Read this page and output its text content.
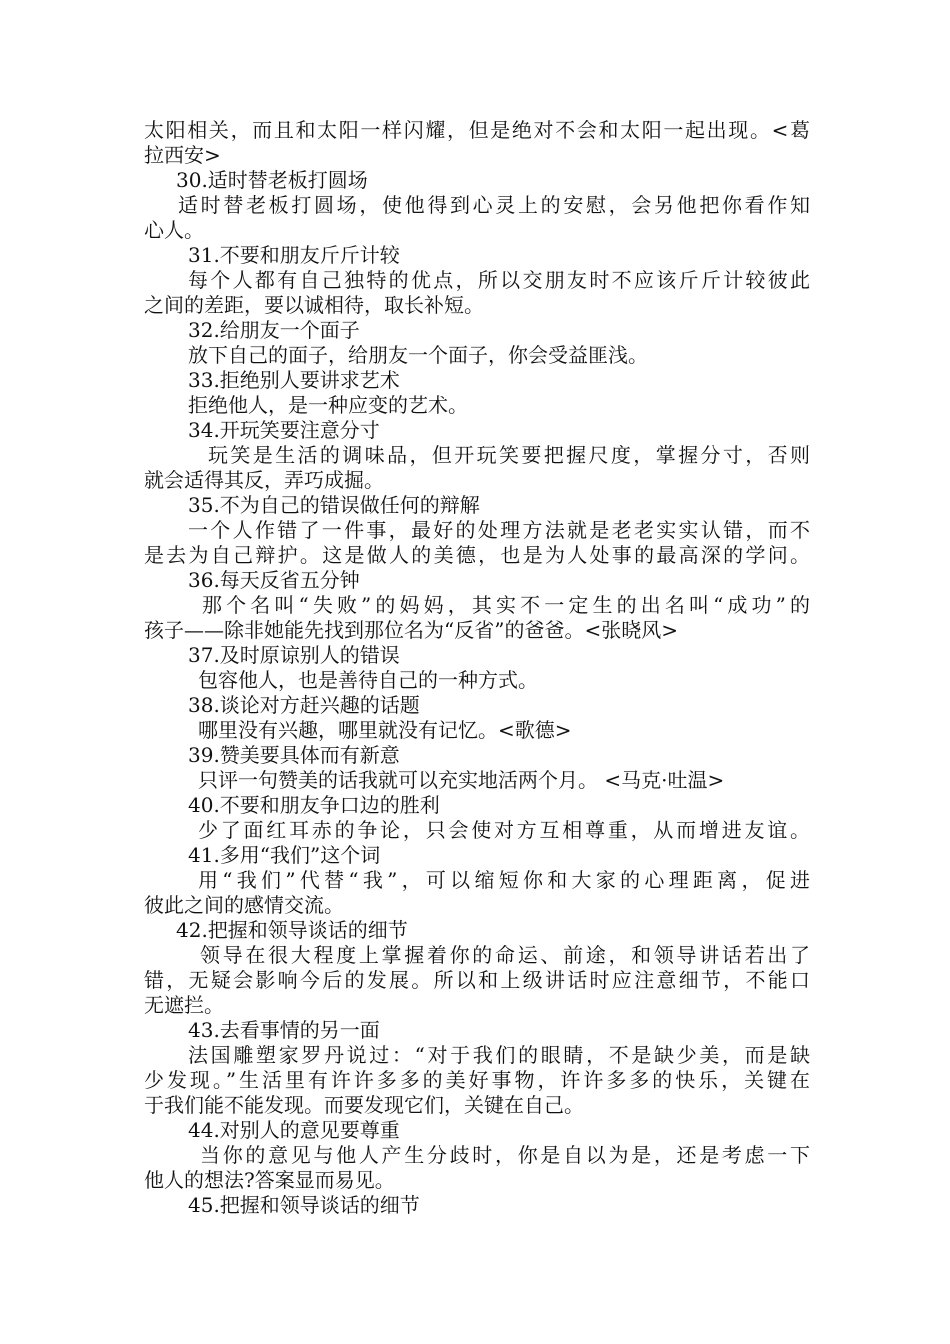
太阳相关，而且和太阳一样闪耀，但是绝对不会和太阳一起出现。<葛
拉西安>
30.适时替老板打圆场
适时替老板打圆场，使他得到心灵上的安慰，会另他把你看作知
心人。
31.不要和朋友斤斤计较
每个人都有自己独特的优点，所以交朋友时不应该斤斤计较彼此
之间的差距，要以诚相待，取长补短。
32.给朋友一个面子
放下自己的面子，给朋友一个面子，你会受益匪浅。
33.拒绝别人要讲求艺术
拒绝他人，是一种应变的艺术。
34.开玩笑要注意分寸
玩笑是生活的调味品，但开玩笑要把握尺度，掌握分寸，否则
就会适得其反，弄巧成掘。
35.不为自己的错误做任何的辩解
一个人作错了一件事，最好的处理方法就是老老实实认错，而不
是去为自己辩护。这是做人的美德，也是为人处事的最高深的学问。
36.每天反省五分钟
那个名叫“失败”的妈妈，其实不一定生的出名叫“成功”的
孩子——除非她能先找到那位名为“反省”的爸爸。<张晓风>
37.及时原谅别人的错误
包容他人，也是善待自己的一种方式。
38.谈论对方赶兴趣的话题
哪里没有兴趣，哪里就没有记忆。<歌德>
39.赞美要具体而有新意
只评一句赞美的话我就可以充实地活两个月。 <马克·吐温>
40.不要和朋友争口边的胜利
少了面红耳赤的争论，只会使对方互相尊重，从而增进友谊。
41.多用“我们”这个词
用“我们”代替“我”，可以缩短你和大家的心理距离，促进
彼此之间的感情交流。
42.把握和领导谈话的细节
领导在很大程度上掌握着你的命运、前途，和领导讲话若出了
错，无疑会影响今后的发展。所以和上级讲话时应注意细节，不能口
无遮拦。
43.去看事情的另一面
法国雕塑家罗丹说过：“对于我们的眼睛，不是缺少美，而是缺
少发现。”生活里有许许多多的美好事物，许许多多的快乐，关键在
于我们能不能发现。而要发现它们，关键在自己。
44.对别人的意见要尊重
当你的意见与他人产生分歧时，你是自以为是，还是考虑一下
他人的想法?答案显而易见。
45.把握和领导谈话的细节
